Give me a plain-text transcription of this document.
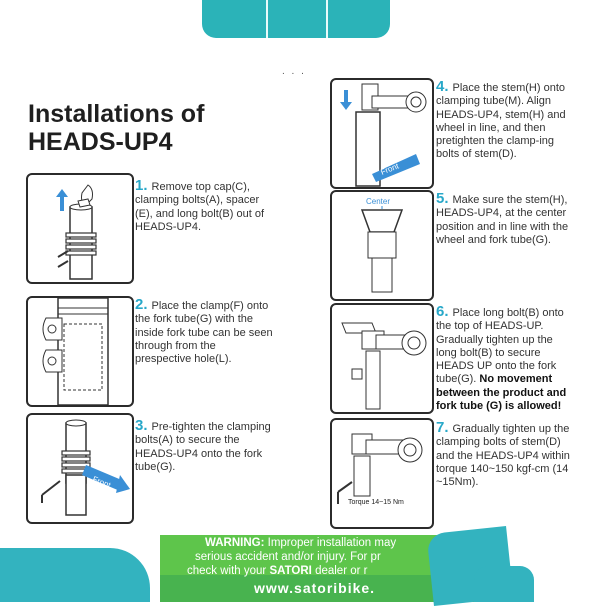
. . .
Installations of
HEADS-UP4
1. Remove top cap(C), clamping bolts(A), spacer (E), and long bolt(B) out of HEADS-UP4.
2. Place the clamp(F) onto the fork tube(G) with the inside fork tube can be seen through from the prespective hole(L).
Front
3. Pre-tighten the clamping bolts(A) to secure the HEADS-UP4 onto the fork tube(G).
Front
4. Place the stem(H) onto clamping tube(M). Align HEADS-UP4, stem(H) and wheel in line, and then pretighten the clamp-ing bolts of stem(D).
Center	5. Make sure the stem(H), HEADS-UP4, at the center position and in line with the wheel and fork tube(G).
6. Place long bolt(B) onto the top of HEADS-UP. Gradually tighten up the long bolt(B) to secure HEADS UP onto the fork tube(G). No movement between the product and fork tube (G) is allowed!
Torque 14~15 Nm
7. Gradually tighten up the clamping bolts of stem(D) and the HEADS-UP4 within torque 140~150 kgf-cm (14 ~15Nm).
WARNING: Improper installation may
serious accident and/or injury. For pr
check with your SATORI dealer or r
www.satoribike.
